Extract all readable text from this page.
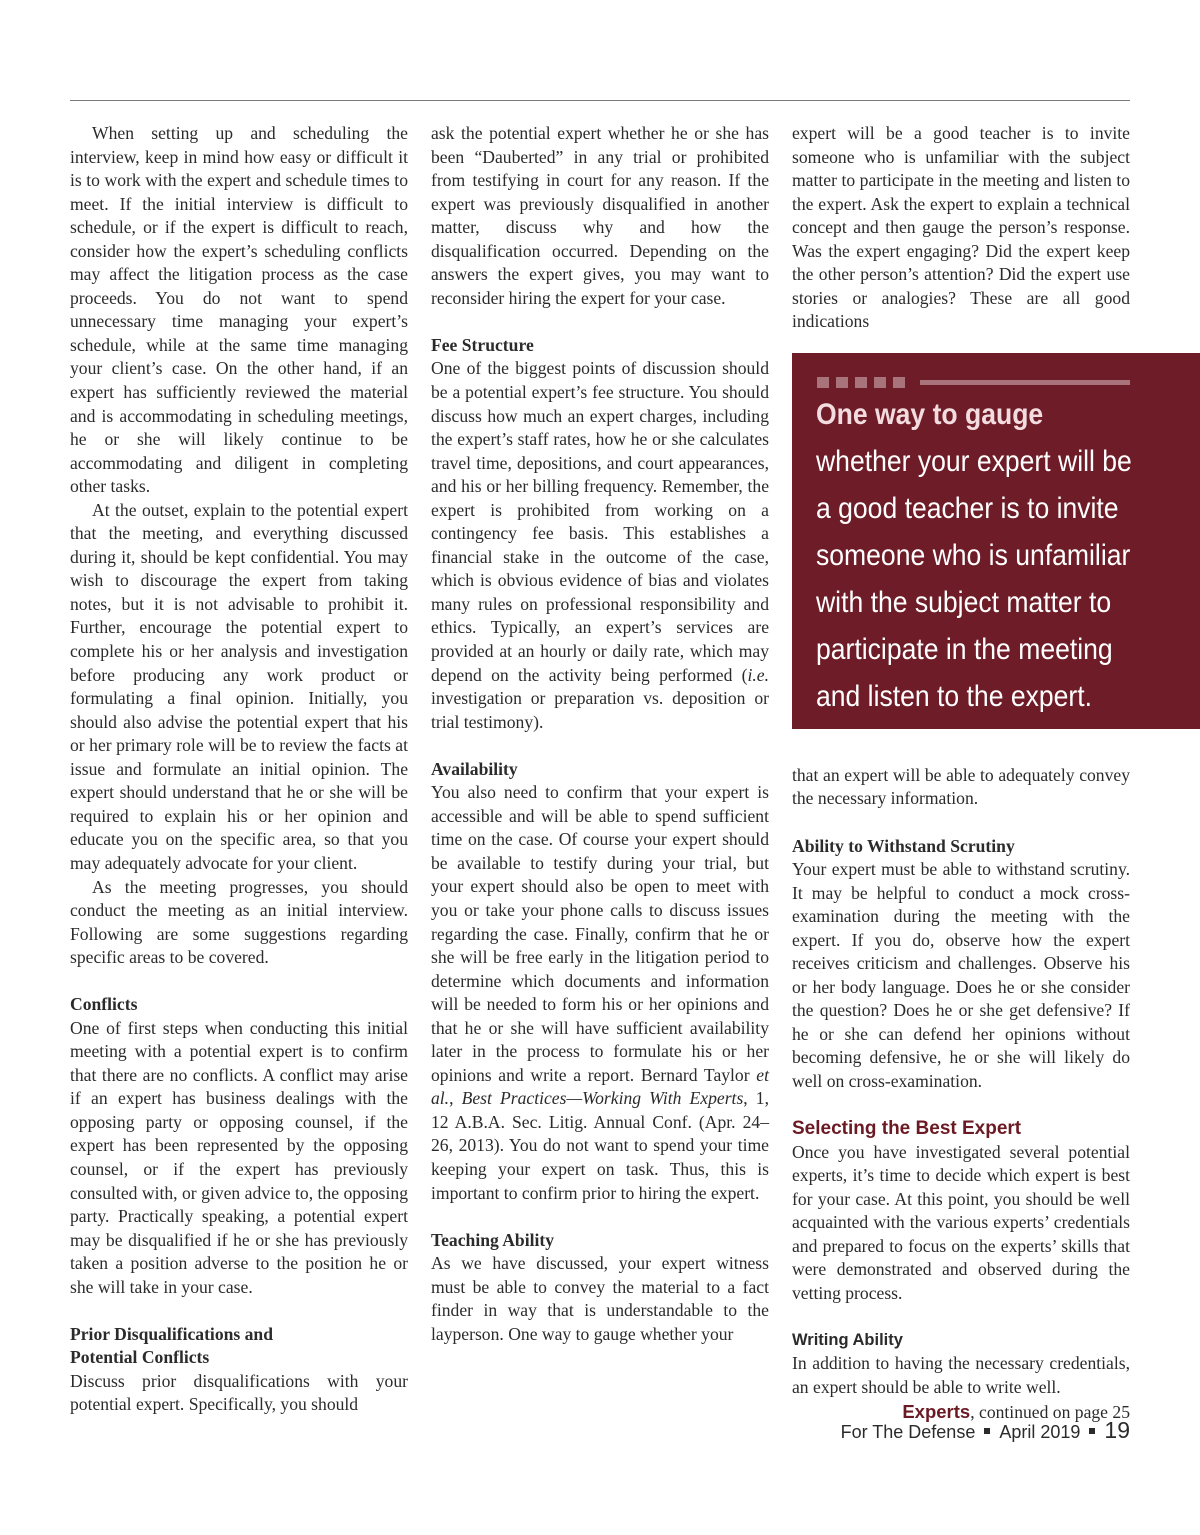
When setting up and scheduling the interview, keep in mind how easy or difficult it is to work with the expert and schedule times to meet. If the initial interview is difficult to schedule, or if the expert is difficult to reach, consider how the expert’s scheduling conflicts may affect the litigation process as the case proceeds. You do not want to spend unnecessary time managing your expert’s schedule, while at the same time managing your client’s case. On the other hand, if an expert has sufficiently reviewed the material and is accommodating in scheduling meetings, he or she will likely continue to be accommodating and diligent in completing other tasks.

At the outset, explain to the potential expert that the meeting, and everything discussed during it, should be kept confidential. You may wish to discourage the expert from taking notes, but it is not advisable to prohibit it. Further, encourage the potential expert to complete his or her analysis and investigation before producing any work product or formulating a final opinion. Initially, you should also advise the potential expert that his or her primary role will be to review the facts at issue and formulate an initial opinion. The expert should understand that he or she will be required to explain his or her opinion and educate you on the specific area, so that you may adequately advocate for your client.

As the meeting progresses, you should conduct the meeting as an initial interview. Following are some suggestions regarding specific areas to be covered.

Conflicts

One of first steps when conducting this initial meeting with a potential expert is to confirm that there are no conflicts. A conflict may arise if an expert has business dealings with the opposing party or opposing counsel, if the expert has been represented by the opposing counsel, or if the expert has previously consulted with, or given advice to, the opposing party. Practically speaking, a potential expert may be disqualified if he or she has previously taken a position adverse to the position he or she will take in your case.

Prior Disqualifications and
Potential Conflicts

Discuss prior disqualifications with your potential expert. Specifically, you should

ask the potential expert whether he or she has been “Dauberted” in any trial or prohibited from testifying in court for any reason. If the expert was previously disqualified in another matter, discuss why and how the disqualification occurred. Depending on the answers the expert gives, you may want to reconsider hiring the expert for your case.

Fee Structure

One of the biggest points of discussion should be a potential expert’s fee structure. You should discuss how much an expert charges, including the expert’s staff rates, how he or she calculates travel time, depositions, and court appearances, and his or her billing frequency. Remember, the expert is prohibited from working on a contingency fee basis. This establishes a financial stake in the outcome of the case, which is obvious evidence of bias and violates many rules on professional responsibility and ethics. Typically, an expert’s services are provided at an hourly or daily rate, which may depend on the activity being performed (i.e. investigation or preparation vs. deposition or trial testimony).

Availability

You also need to confirm that your expert is accessible and will be able to spend sufficient time on the case. Of course your expert should be available to testify during your trial, but your expert should also be open to meet with you or take your phone calls to discuss issues regarding the case. Finally, confirm that he or she will be free early in the litigation period to determine which documents and information will be needed to form his or her opinions and that he or she will have sufficient availability later in the process to formulate his or her opinions and write a report. Bernard Taylor et al., Best Practices—Working With Experts, 1, 12 A.B.A. Sec. Litig. Annual Conf. (Apr. 24–26, 2013). You do not want to spend your time keeping your expert on task. Thus, this is important to confirm prior to hiring the expert.

Teaching Ability

As we have discussed, your expert witness must be able to convey the material to a fact finder in way that is understandable to the layperson. One way to gauge whether your

expert will be a good teacher is to invite someone who is unfamiliar with the subject matter to participate in the meeting and listen to the expert. Ask the expert to explain a technical concept and then gauge the person’s response. Was the expert engaging? Did the expert keep the other person’s attention? Did the expert use stories or analogies? These are all good indications

that an expert will be able to adequately convey the necessary information.

Ability to Withstand Scrutiny

Your expert must be able to withstand scrutiny. It may be helpful to conduct a mock cross-examination during the meeting with the expert. If you do, observe how the expert receives criticism and challenges. Observe his or her body language. Does he or she consider the question? Does he or she get defensive? If he or she can defend her opinions without becoming defensive, he or she will likely do well on cross-examination.

Selecting the Best Expert

Once you have investigated several potential experts, it’s time to decide which expert is best for your case. At this point, you should be well acquainted with the various experts’ credentials and prepared to focus on the experts’ skills that were demonstrated and observed during the vetting process.

Writing Ability

In addition to having the necessary credentials, an expert should be able to write well.

Experts, continued on page 25

One way to gauge
whether your expert will be
a good teacher is to invite
someone who is unfamiliar
with the subject matter to
participate in the meeting
and listen to the expert.
For The Defense April 2019 19
